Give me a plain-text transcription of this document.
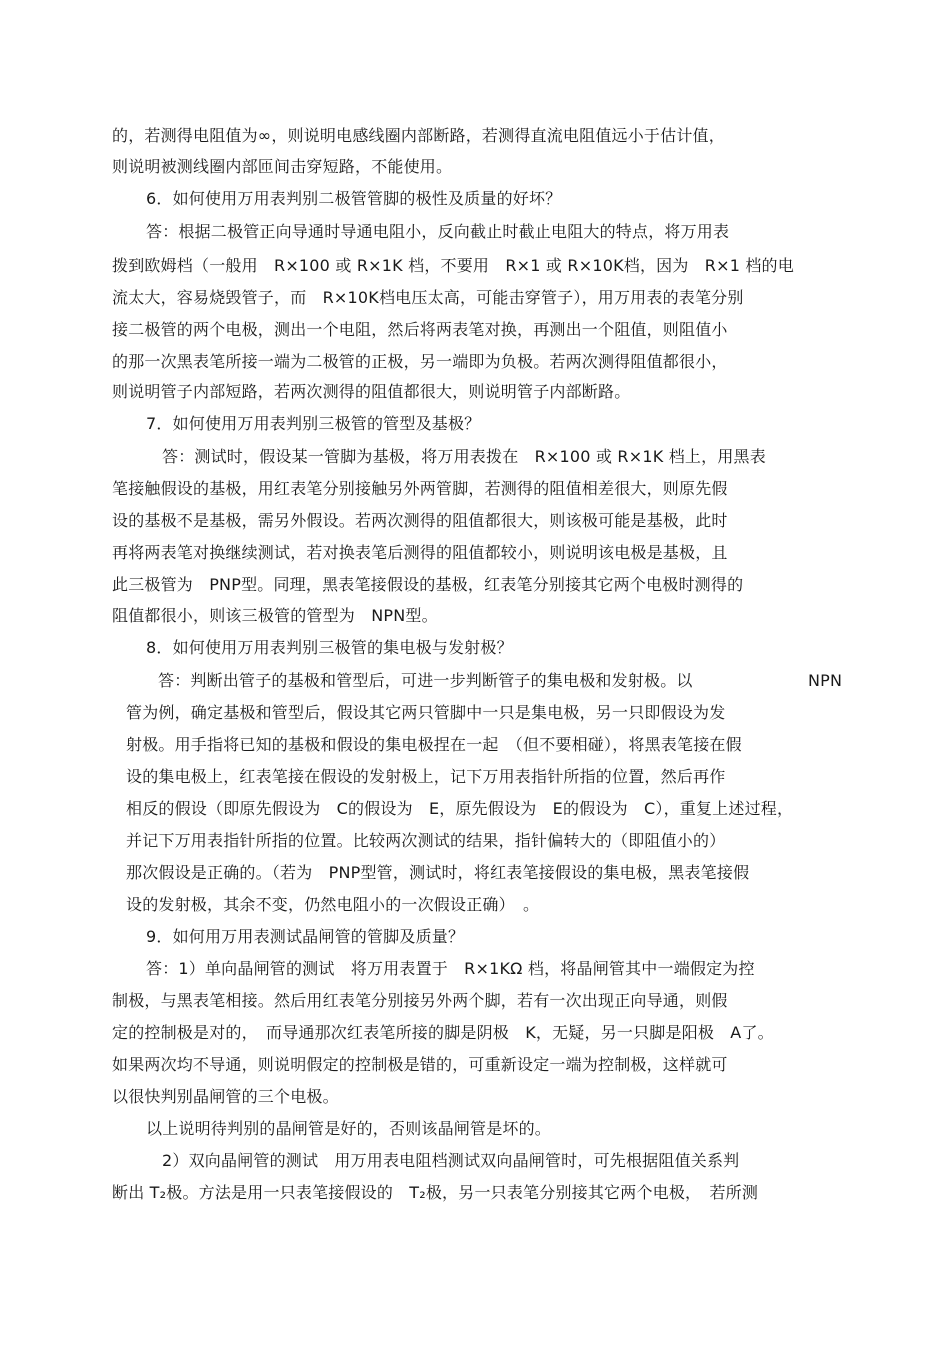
的，若测得电阻值为∞，则说明电感线圈内部断路，若测得直流电阻值远小于估计值，
则说明被测线圈内部匝间击穿短路，不能使用。
6．如何使用万用表判别二极管管脚的极性及质量的好坏？
答：根据二极管正向导通时导通电阻小，反向截止时截止电阻大的特点，将万用表
拨到欧姆档（一般用　R×100 或 R×1K 档，不要用　R×1 或 R×10K档，因为　R×1 档的电
流太大，容易烧毁管子，而　R×10K档电压太高，可能击穿管子），用万用表的表笔分别
接二极管的两个电极，测出一个电阻，然后将两表笔对换，再测出一个阻值，则阻值小
的那一次黑表笔所接一端为二极管的正极，另一端即为负极。若两次测得阻值都很小，
则说明管子内部短路，若两次测得的阻值都很大，则说明管子内部断路。
7．如何使用万用表判别三极管的管型及基极？
答：测试时，假设某一管脚为基极，将万用表拨在　R×100 或 R×1K 档上，用黑表
笔接触假设的基极，用红表笔分别接触另外两管脚，若测得的阻值相差很大，则原先假
设的基极不是基极，需另外假设。若两次测得的阻值都很大，则该极可能是基极，此时
再将两表笔对换继续测试，若对换表笔后测得的阻值都较小，则说明该电极是基极，且
此三极管为　PNP型。同理，黑表笔接假设的基极，红表笔分别接其它两个电极时测得的
阻值都很小，则该三极管的管型为　NPN型。
8．如何使用万用表判别三极管的集电极与发射极？
答：判断出管子的基极和管型后，可进一步判断管子的集电极和发射极。以	NPN
管为例，确定基极和管型后，假设其它两只管脚中一只是集电极，另一只即假设为发
射极。用手指将已知的基极和假设的集电极捏在一起　（但不要相碰），将黑表笔接在假
设的集电极上，红表笔接在假设的发射极上，记下万用表指针所指的位置，然后再作
相反的假设（即原先假设为　C的假设为　E，原先假设为　E的假设为　C），重复上述过程，
并记下万用表指针所指的位置。比较两次测试的结果，指针偏转大的（即阻值小的）
那次假设是正确的。（若为　PNP型管，测试时，将红表笔接假设的集电极，黑表笔接假
设的发射极，其余不变，仍然电阻小的一次假设正确）　。
9．如何用万用表测试晶闸管的管脚及质量？
答：1）单向晶闸管的测试　将万用表置于　R×1KΩ 档，将晶闸管其中一端假定为控
制极，与黑表笔相接。然后用红表笔分别接另外两个脚，若有一次出现正向导通，则假
定的控制极是对的，　而导通那次红表笔所接的脚是阴极　K，无疑，另一只脚是阳极　A了。
如果两次均不导通，则说明假定的控制极是错的，可重新设定一端为控制极，这样就可
以很快判别晶闸管的三个电极。
以上说明待判别的晶闸管是好的，否则该晶闸管是坏的。
2）双向晶闸管的测试　用万用表电阻档测试双向晶闸管时，可先根据阻值关系判
断出 T₂极。方法是用一只表笔接假设的　T₂极，另一只表笔分别接其它两个电极，　若所测
